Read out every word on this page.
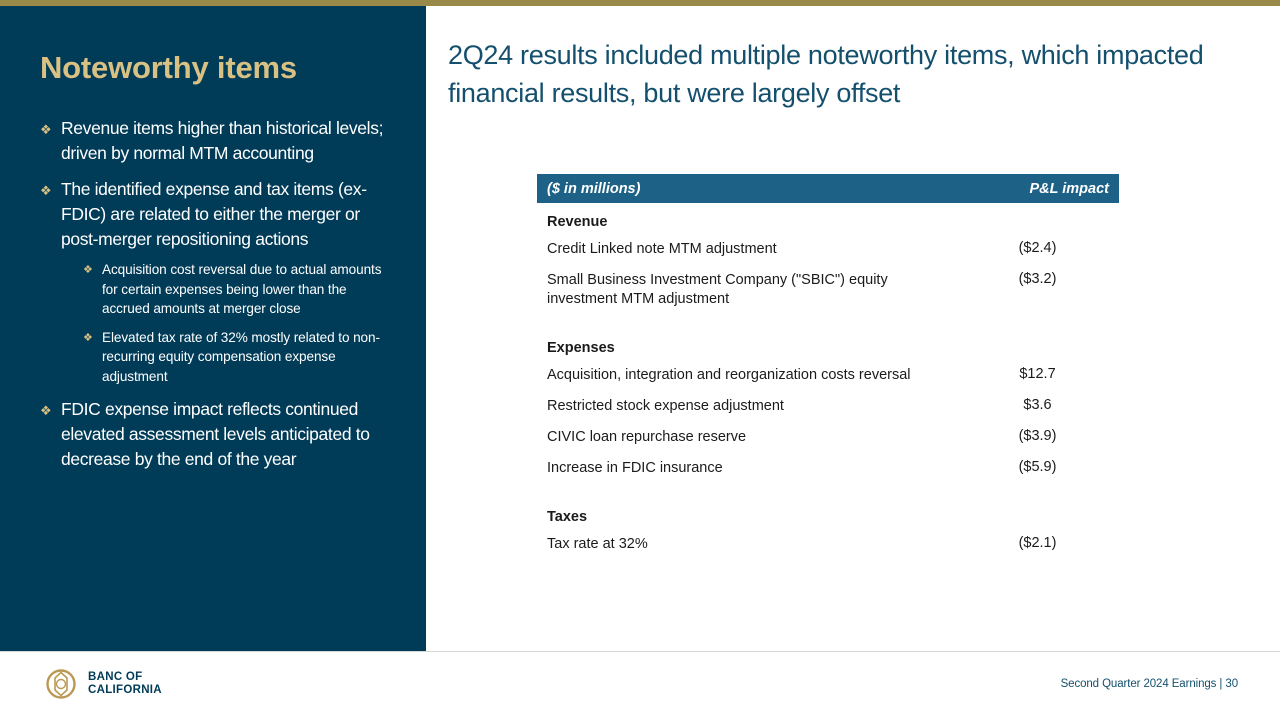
Noteworthy items
❖ Revenue items higher than historical levels; driven by normal MTM accounting
❖ The identified expense and tax items (ex-FDIC) are related to either the merger or post-merger repositioning actions
❖ Acquisition cost reversal due to actual amounts for certain expenses being lower than the accrued amounts at merger close
❖ Elevated tax rate of 32% mostly related to non-recurring equity compensation expense adjustment
❖ FDIC expense impact reflects continued elevated assessment levels anticipated to decrease by the end of the year
2Q24 results included multiple noteworthy items, which impacted financial results, but were largely offset
($ in millions)	P&L impact
Revenue	
Credit Linked note MTM adjustment	($2.4)
Small Business Investment Company ("SBIC") equity investment MTM adjustment	($3.2)

Expenses	
Acquisition, integration and reorganization costs reversal	$12.7
Restricted stock expense adjustment	$3.6
CIVIC loan repurchase reserve	($3.9)
Increase in FDIC insurance	($5.9)

Taxes	
Tax rate at 32%	($2.1)
BANC OF
CALIFORNIA	Second Quarter 2024 Earnings | 30
